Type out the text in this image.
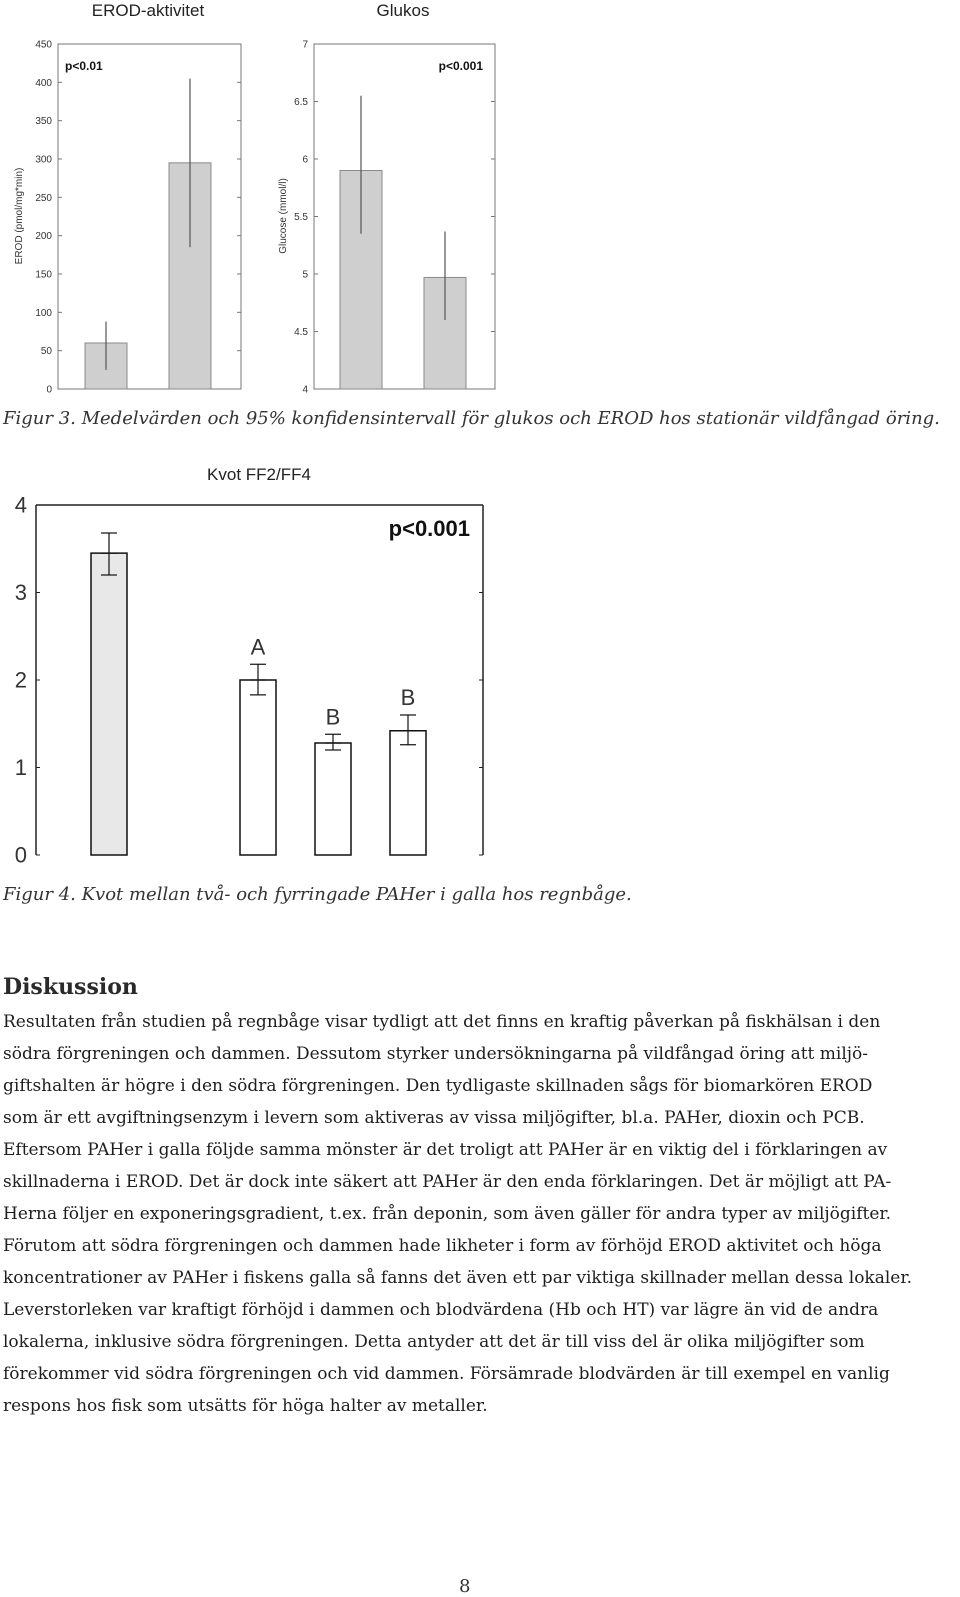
EROD-aktivitet
0
50
100
150
200
250
300
350
400
450
EROD (pmol/mg*min)
p<0.01
Glukos
4
4.5
5
5.5
6
6.5
7
Glucose (mmol/l)
p<0.001
Kvot FF2/FF4
0
1
2
3
4
A
B
B
p<0.001
Figur 3. Medelvärden och 95% konfidensintervall för glukos och EROD hos stationär vildfångad öring.
Figur 4. Kvot mellan två- och fyrringade PAHer i galla hos regnbåge.
Diskussion
Resultaten från studien på regnbåge visar tydligt att det finns en kraftig påverkan på fiskhälsan i den
södra förgreningen och dammen. Dessutom styrker undersökningarna på vildfångad öring att miljö-
giftshalten är högre i den södra förgreningen. Den tydligaste skillnaden sågs för biomarkören EROD
som är ett avgiftningsenzym i levern som aktiveras av vissa miljögifter, bl.a. PAHer, dioxin och PCB.
Eftersom PAHer i galla följde samma mönster är det troligt att PAHer är en viktig del i förklaringen av
skillnaderna i EROD. Det är dock inte säkert att PAHer är den enda förklaringen. Det är möjligt att PA-
Herna följer en exponeringsgradient, t.ex. från deponin, som även gäller för andra typer av miljögifter.
Förutom att södra förgreningen och dammen hade likheter i form av förhöjd EROD aktivitet och höga
koncentrationer av PAHer i fiskens galla så fanns det även ett par viktiga skillnader mellan dessa lokaler.
Leverstorleken var kraftigt förhöjd i dammen och blodvärdena (Hb och HT) var lägre än vid de andra
lokalerna, inklusive södra förgreningen. Detta antyder att det är till viss del är olika miljögifter som
förekommer vid södra förgreningen och vid dammen. Försämrade blodvärden är till exempel en vanlig
respons hos fisk som utsätts för höga halter av metaller.
8
